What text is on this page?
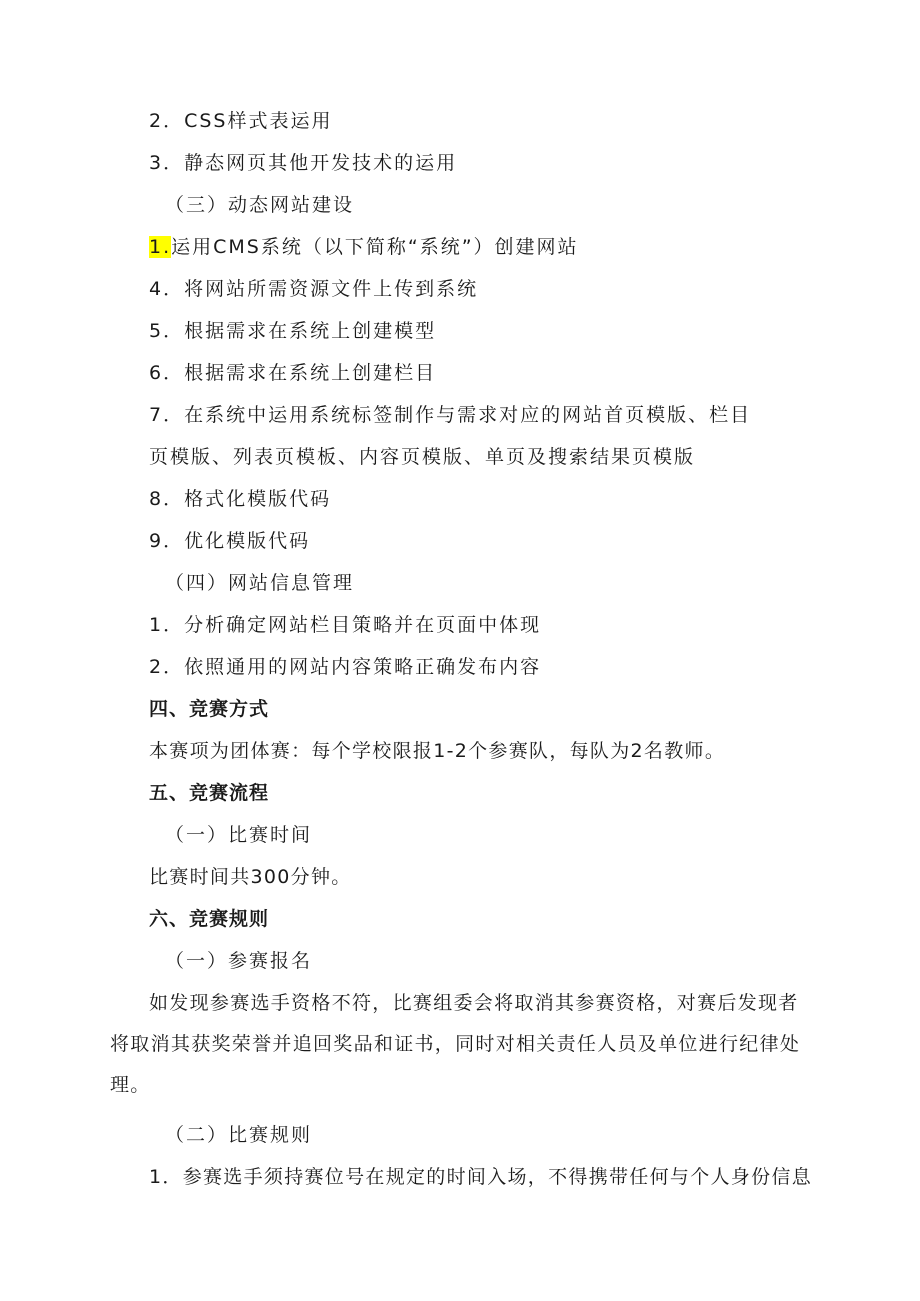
2．CSS样式表运用
3．静态网页其他开发技术的运用
（三）动态网站建设
1.运用CMS系统（以下简称“系统”）创建网站
4．将网站所需资源文件上传到系统
5．根据需求在系统上创建模型
6．根据需求在系统上创建栏目
7．在系统中运用系统标签制作与需求对应的网站首页模版、栏目
页模版、列表页模板、内容页模版、单页及搜索结果页模版
8．格式化模版代码
9．优化模版代码
（四）网站信息管理
1．分析确定网站栏目策略并在页面中体现
2．依照通用的网站内容策略正确发布内容
四、竞赛方式
本赛项为团体赛：每个学校限报1-2个参赛队，每队为2名教师。
五、竞赛流程
（一）比赛时间
比赛时间共300分钟。
六、竞赛规则
（一）参赛报名
如发现参赛选手资格不符，比赛组委会将取消其参赛资格，对赛后发现者
将取消其获奖荣誉并追回奖品和证书，同时对相关责任人员及单位进行纪律处
理。
（二）比赛规则
1．参赛选手须持赛位号在规定的时间入场，不得携带任何与个人身份信息
